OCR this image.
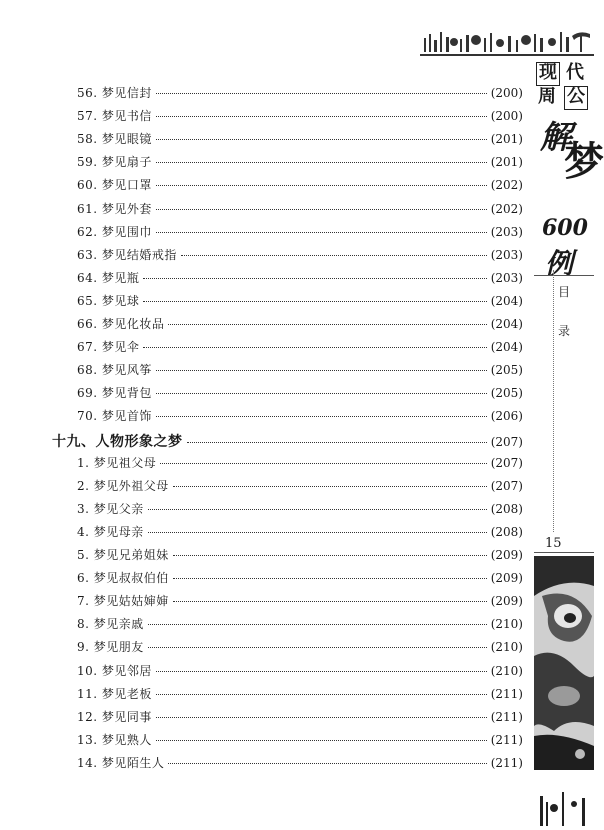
56. 梦见信封	(200)
57. 梦见书信	(200)
58. 梦见眼镜	(201)
59. 梦见扇子	(201)
60. 梦见口罩	(202)
61. 梦见外套	(202)
62. 梦见围巾	(203)
63. 梦见结婚戒指	(203)
64. 梦见瓶	(203)
65. 梦见球	(204)
66. 梦见化妆品	(204)
67. 梦见伞	(204)
68. 梦见风筝	(205)
69. 梦见背包	(205)
70. 梦见首饰	(206)
十九、人物形象之梦	(207)
1. 梦见祖父母	(207)
2. 梦见外祖父母	(207)
3. 梦见父亲	(208)
4. 梦见母亲	(208)
5. 梦见兄弟姐妹	(209)
6. 梦见叔叔伯伯	(209)
7. 梦见姑姑婶婶	(209)
8. 梦见亲戚	(210)
9. 梦见朋友	(210)
10. 梦见邻居	(210)
11. 梦见老板	(211)
12. 梦见同事	(211)
13. 梦见熟人	(211)
14. 梦见陌生人	(211)
现 代
周 公
解
梦
600
例
目
录
15
